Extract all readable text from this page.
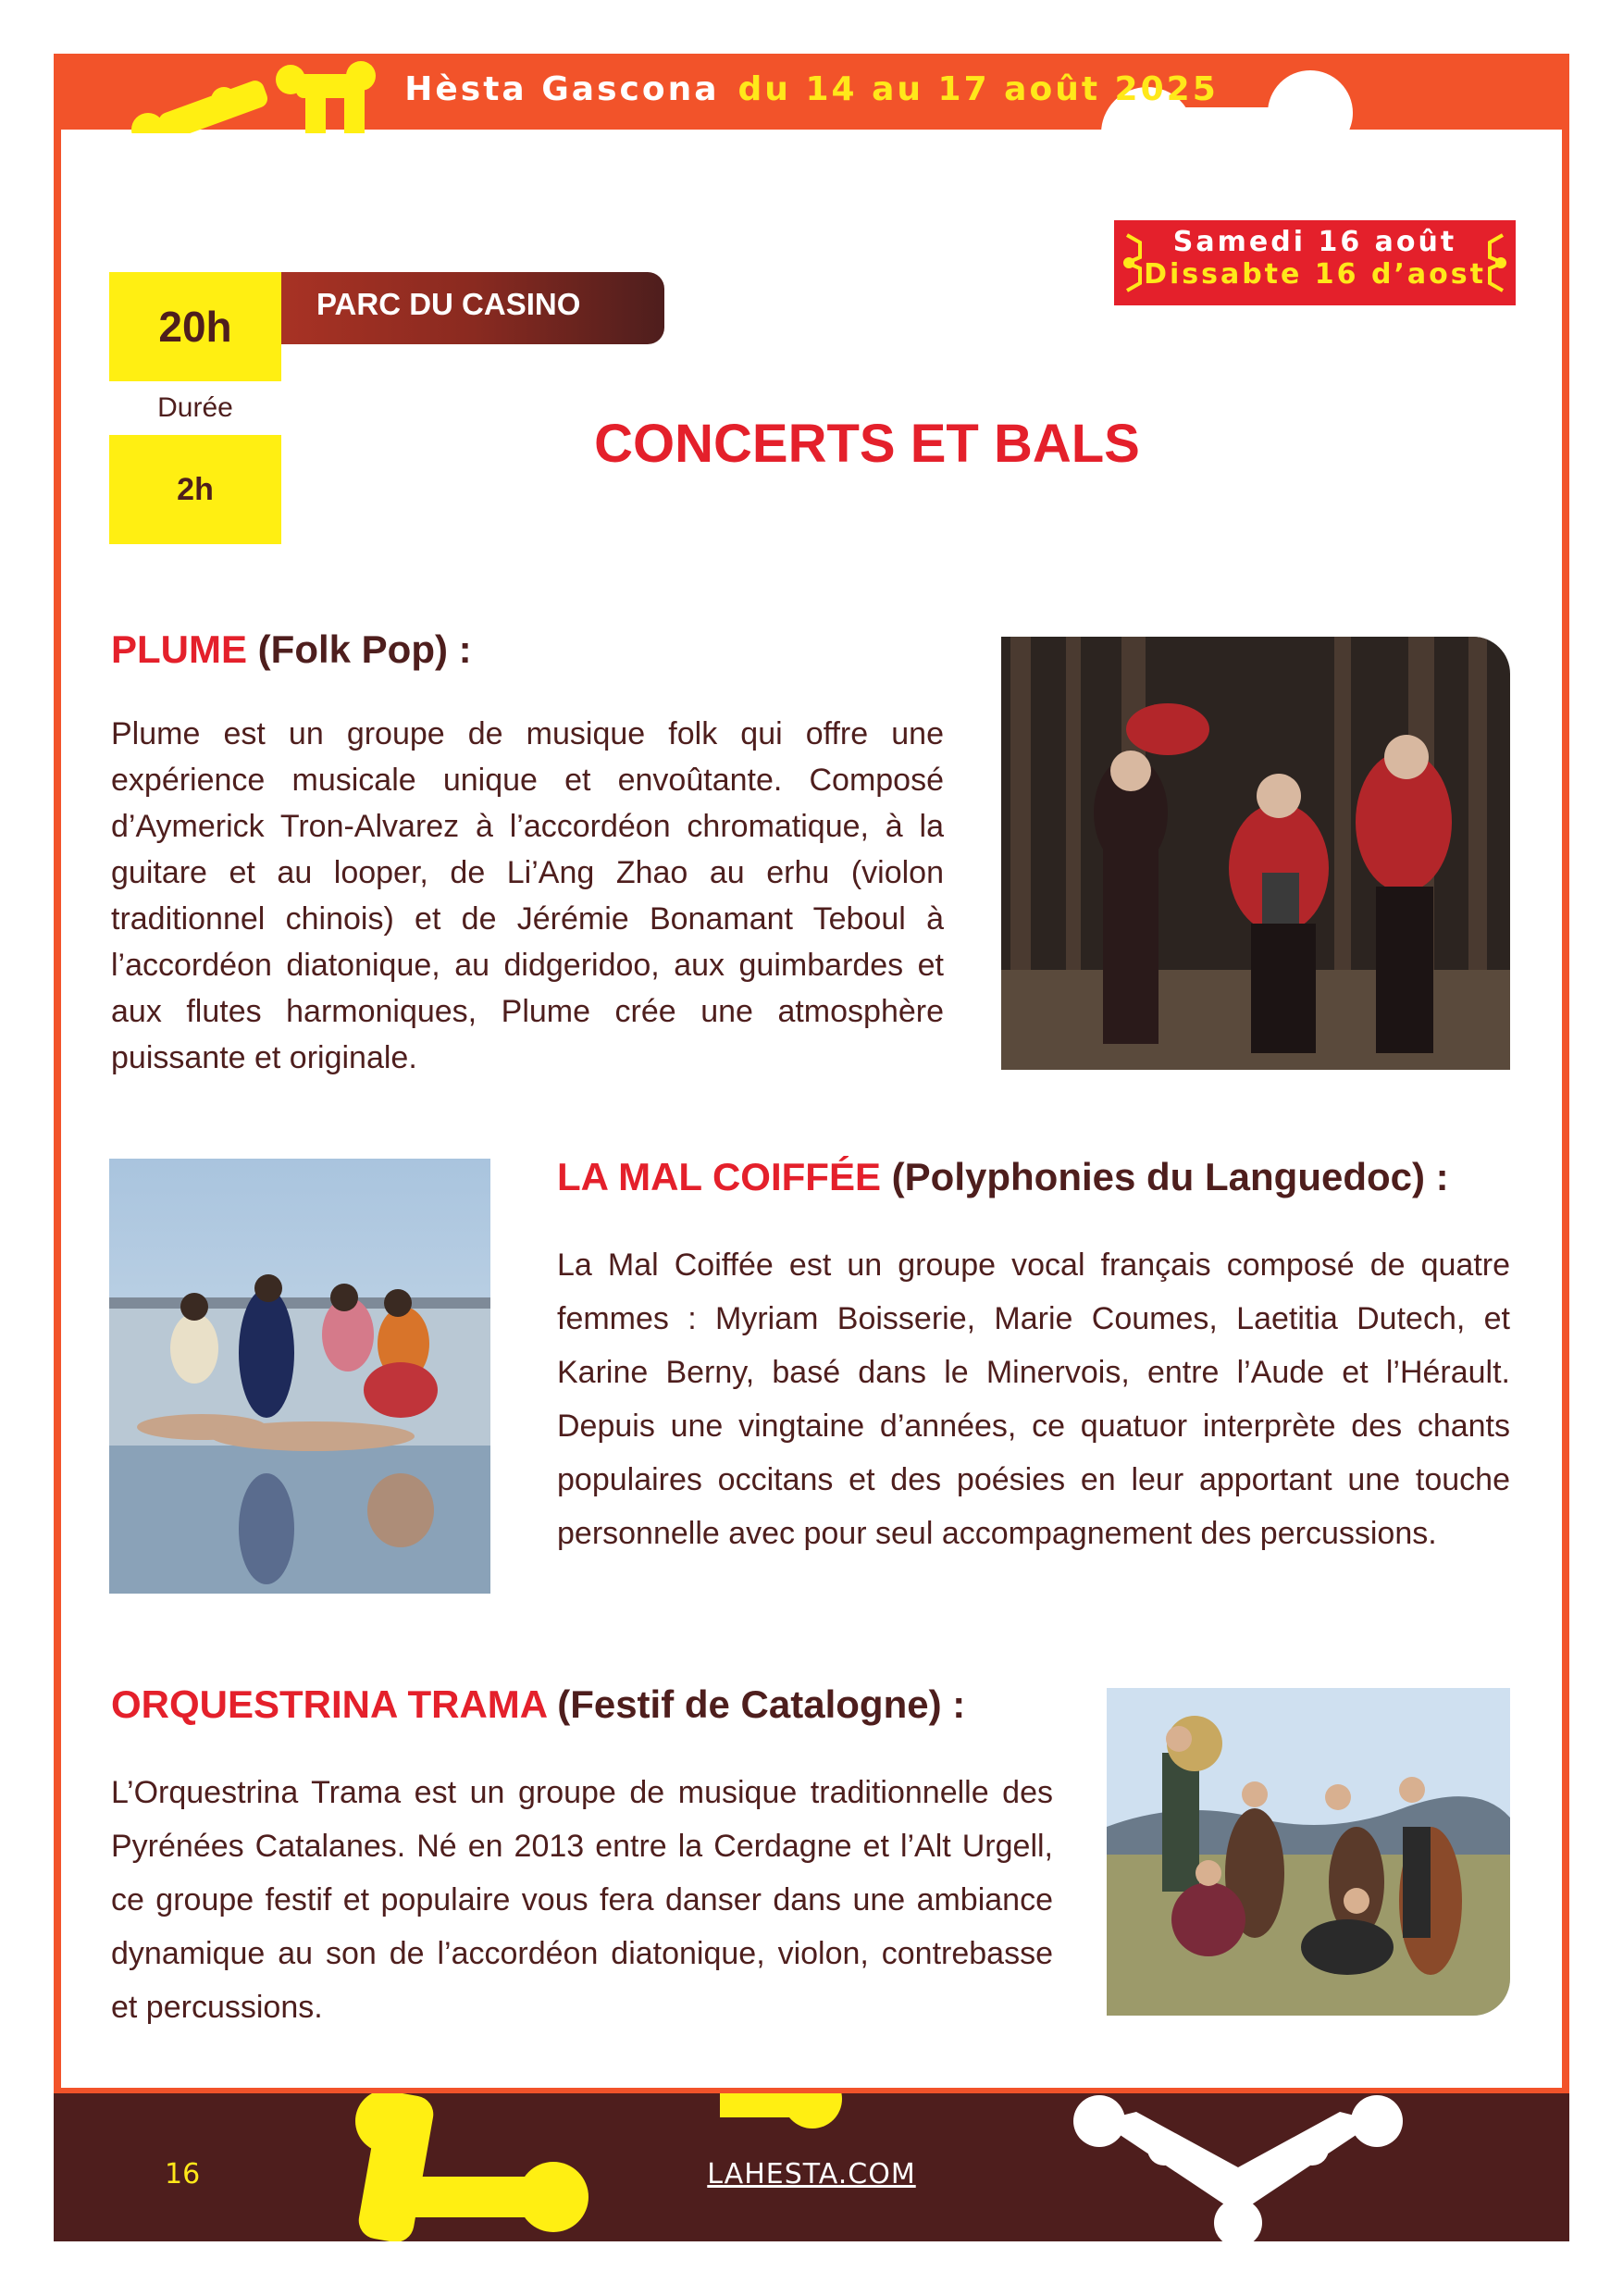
Hèsta Gascona du 14 au 17 août 2025
Samedi 16 août
Dissabte 16 d’aost
PARC DU CASINO
20h
Durée
2h
CONCERTS ET BALS
PLUME (Folk Pop) :
Plume est un groupe de musique folk qui offre une expérience musicale unique et envoûtante. Composé d’Aymerick Tron-Alvarez à l’accordéon chromatique, à la guitare et au looper, de Li’Ang Zhao au erhu (violon traditionnel chinois) et de Jérémie Bonamant Teboul à l’accordéon diatonique, au didgeridoo, aux guimbardes et aux flutes harmoniques, Plume crée une atmosphère puissante et originale.
LA MAL COIFFÉE (Polyphonies du Languedoc) :
La Mal Coiffée est un groupe vocal français composé de quatre femmes : Myriam Boisserie, Marie Coumes, Laetitia Dutech, et Karine Berny, basé dans le Minervois, entre l’Aude et l’Hérault. Depuis une vingtaine d’années, ce quatuor interprète des chants populaires occitans et des poésies en leur apportant une touche personnelle avec pour seul accompagnement des percussions.
ORQUESTRINA TRAMA (Festif de Catalogne) :
L’Orquestrina Trama est un groupe de musique traditionnelle des Pyrénées Catalanes. Né en 2013 entre la Cerdagne et l’Alt Urgell, ce groupe festif et populaire vous fera danser dans une ambiance dynamique au son de l’accordéon diatonique, violon, contrebasse et percussions.
16	LAHESTA.COM
